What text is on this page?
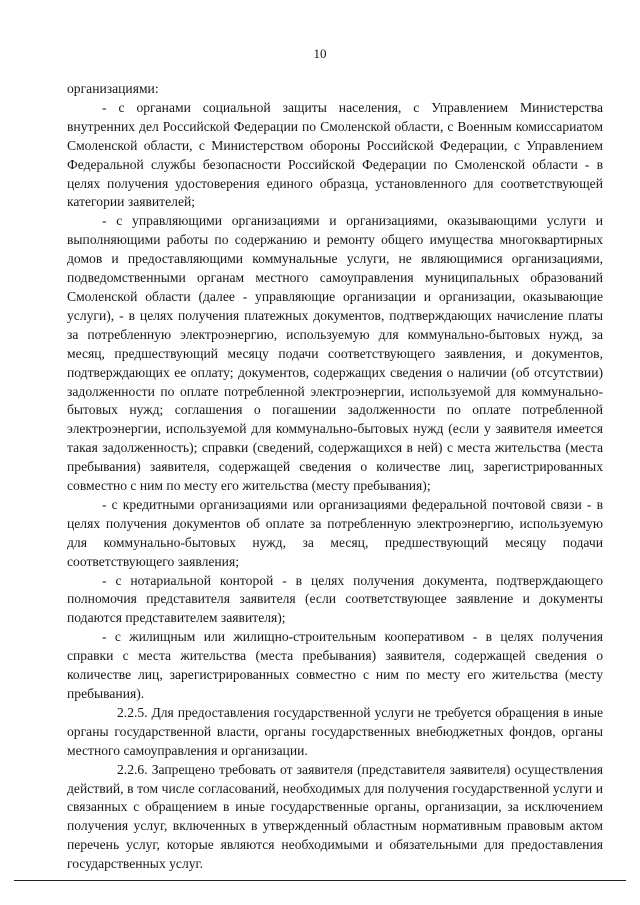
10

организациями:

- с органами социальной защиты населения, с Управлением Министерства внутренних дел Российской Федерации по Смоленской области, с Военным комиссариатом Смоленской области, с Министерством обороны Российской Федерации, с Управлением Федеральной службы безопасности Российской Федерации по Смоленской области - в целях получения удостоверения единого образца, установленного для соответствующей категории заявителей;

- с управляющими организациями и организациями, оказывающими услуги и выполняющими работы по содержанию и ремонту общего имущества многоквартирных домов и предоставляющими коммунальные услуги, не являющимися организациями, подведомственными органам местного самоуправления муниципальных образований Смоленской области (далее - управляющие организации и организации, оказывающие услуги), - в целях получения платежных документов, подтверждающих начисление платы за потребленную электроэнергию, используемую для коммунально-бытовых нужд, за месяц, предшествующий месяцу подачи соответствующего заявления, и документов, подтверждающих ее оплату; документов, содержащих сведения о наличии (об отсутствии) задолженности по оплате потребленной электроэнергии, используемой для коммунально-бытовых нужд; соглашения о погашении задолженности по оплате потребленной электроэнергии, используемой для коммунально-бытовых нужд (если у заявителя имеется такая задолженность); справки (сведений, содержащихся в ней) с места жительства (места пребывания) заявителя, содержащей сведения о количестве лиц, зарегистрированных совместно с ним по месту его жительства (месту пребывания);

- с кредитными организациями или организациями федеральной почтовой связи - в целях получения документов об оплате за потребленную электроэнергию, используемую для коммунально-бытовых нужд, за месяц, предшествующий месяцу подачи соответствующего заявления;

- с нотариальной конторой - в целях получения документа, подтверждающего полномочия представителя заявителя (если соответствующее заявление и документы подаются представителем заявителя);

- с жилищным или жилищно-строительным кооперативом - в целях получения справки с места жительства (места пребывания) заявителя, содержащей сведения о количестве лиц, зарегистрированных совместно с ним по месту его жительства (месту пребывания).

2.2.5. Для предоставления государственной услуги не требуется обращения в иные органы государственной власти, органы государственных внебюджетных фондов, органы местного самоуправления и организации.

2.2.6. Запрещено требовать от заявителя (представителя заявителя) осуществления действий, в том числе согласований, необходимых для получения государственной услуги и связанных с обращением в иные государственные органы, организации, за исключением получения услуг, включенных в утвержденный областным нормативным правовым актом перечень услуг, которые являются необходимыми и обязательными для предоставления государственных услуг.
